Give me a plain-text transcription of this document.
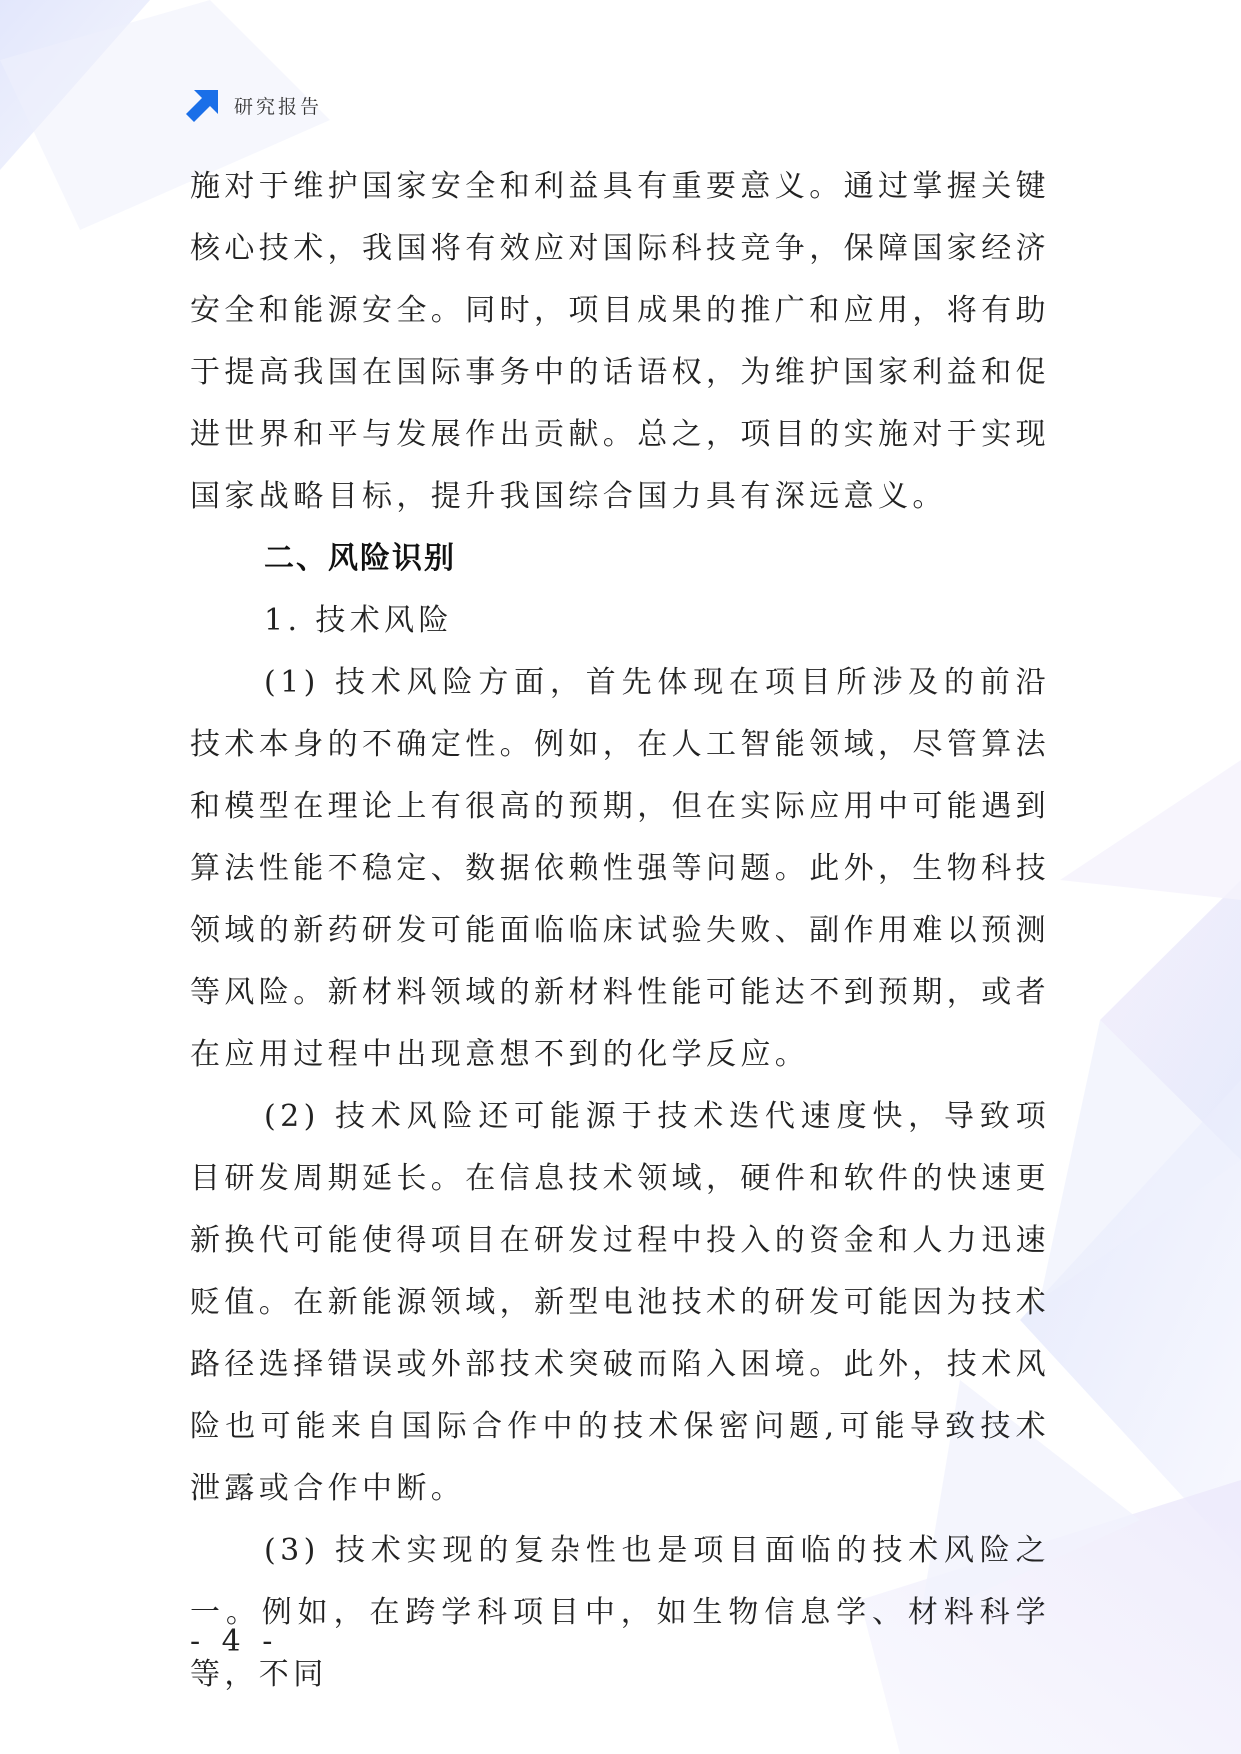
研究报告

施对于维护国家安全和利益具有重要意义。通过掌握关键核心技术，我国将有效应对国际科技竞争，保障国家经济安全和能源安全。同时，项目成果的推广和应用，将有助于提高我国在国际事务中的话语权，为维护国家利益和促进世界和平与发展作出贡献。总之，项目的实施对于实现国家战略目标，提升我国综合国力具有深远意义。

二、风险识别
1. 技术风险

(1) 技术风险方面，首先体现在项目所涉及的前沿技术本身的不确定性。例如，在人工智能领域，尽管算法和模型在理论上有很高的预期，但在实际应用中可能遇到算法性能不稳定、数据依赖性强等问题。此外，生物科技领域的新药研发可能面临临床试验失败、副作用难以预测等风险。新材料领域的新材料性能可能达不到预期，或者在应用过程中出现意想不到的化学反应。

(2) 技术风险还可能源于技术迭代速度快，导致项目研发周期延长。在信息技术领域，硬件和软件的快速更新换代可能使得项目在研发过程中投入的资金和人力迅速贬值。在新能源领域，新型电池技术的研发可能因为技术路径选择错误或外部技术突破而陷入困境。此外，技术风险也可能来自国际合作中的技术保密问题,可能导致技术泄露或合作中断。

(3) 技术实现的复杂性也是项目面临的技术风险之一。例如，在跨学科项目中，如生物信息学、材料科学等，不同

- 4 -
